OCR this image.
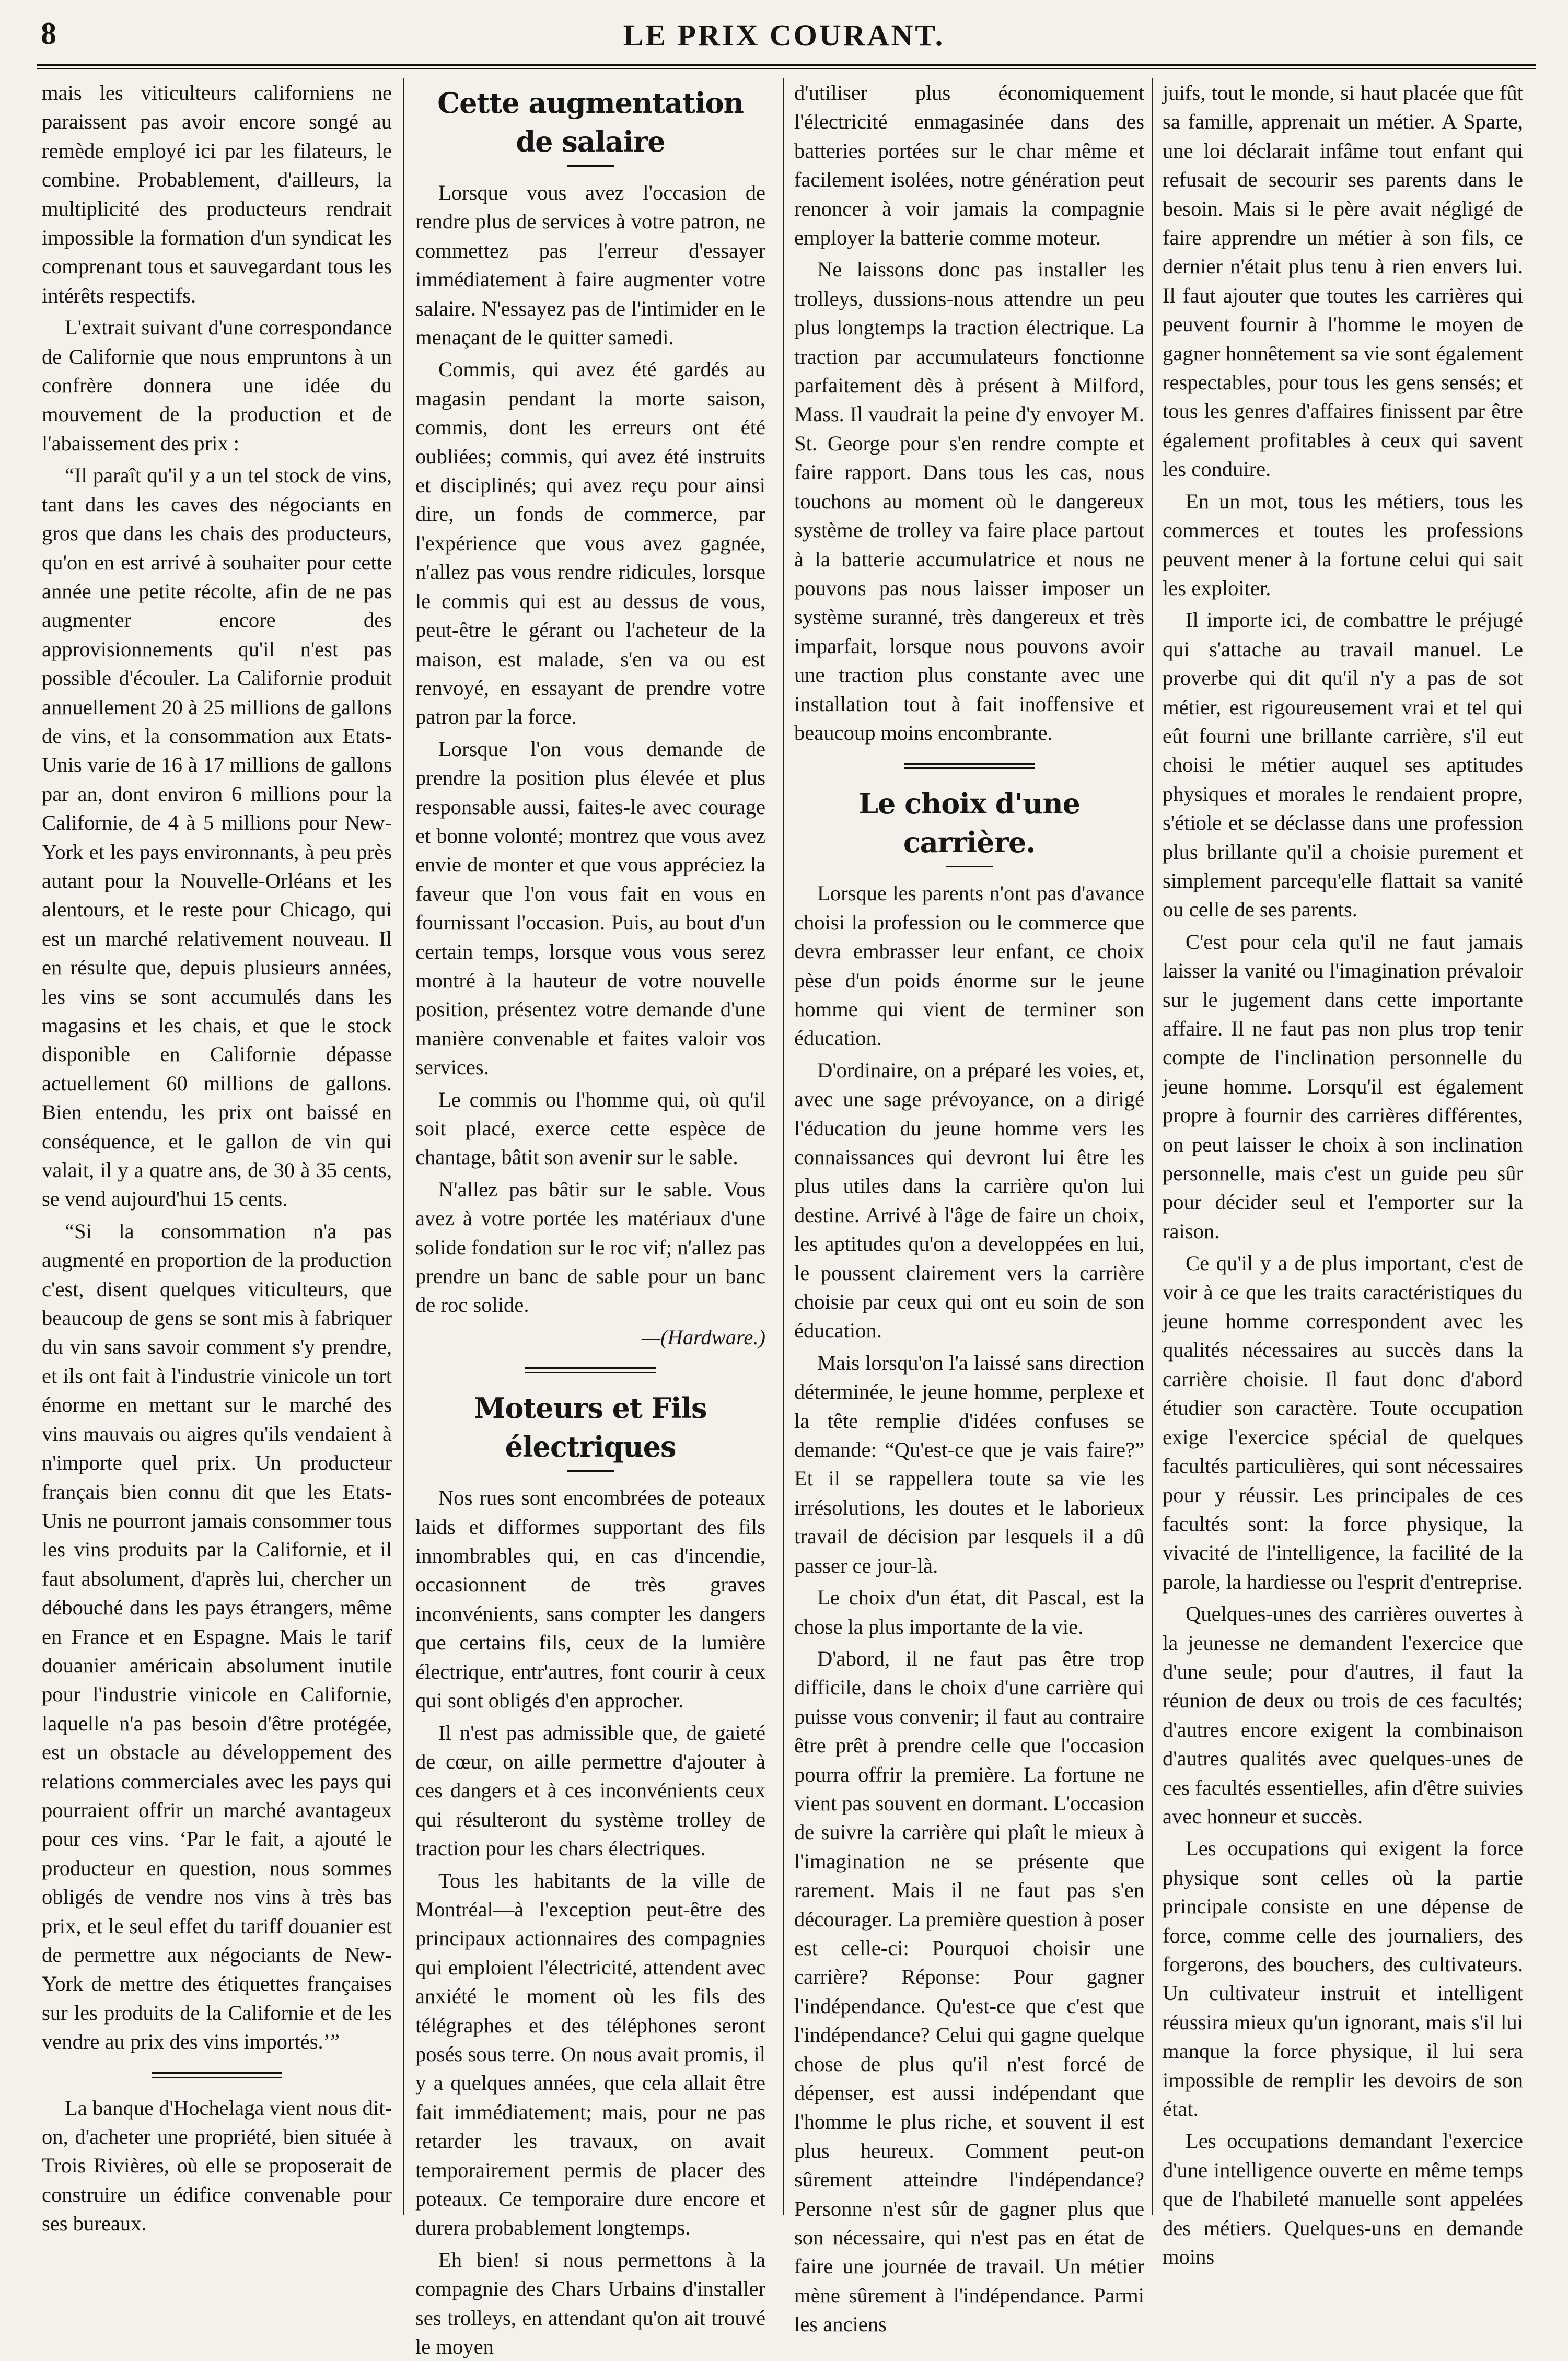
8	LE PRIX COURANT.

mais les viticulteurs californiens ne paraissent pas avoir encore songé au remède employé ici par les filateurs, le combine. Probablement, d'ailleurs, la multiplicité des producteurs rendrait impossible la formation d'un syndicat les comprenant tous et sauvegardant tous les intérêts respectifs.

L'extrait suivant d'une correspondance de Californie que nous empruntons à un confrère donnera une idée du mouvement de la production et de l'abaissement des prix :

“Il paraît qu'il y a un tel stock de vins, tant dans les caves des négociants en gros que dans les chais des producteurs, qu'on en est arrivé à souhaiter pour cette année une petite récolte, afin de ne pas augmenter encore des approvisionnements qu'il n'est pas possible d'écouler. La Californie produit annuellement 20 à 25 millions de gallons de vins, et la consommation aux Etats-Unis varie de 16 à 17 millions de gallons par an, dont environ 6 millions pour la Californie, de 4 à 5 millions pour New-York et les pays environnants, à peu près autant pour la Nouvelle-Orléans et les alentours, et le reste pour Chicago, qui est un marché relativement nouveau. Il en résulte que, depuis plusieurs années, les vins se sont accumulés dans les magasins et les chais, et que le stock disponible en Californie dépasse actuellement 60 millions de gallons. Bien entendu, les prix ont baissé en conséquence, et le gallon de vin qui valait, il y a quatre ans, de 30 à 35 cents, se vend aujourd'hui 15 cents.

“Si la consommation n'a pas augmenté en proportion de la production c'est, disent quelques viticulteurs, que beaucoup de gens se sont mis à fabriquer du vin sans savoir comment s'y prendre, et ils ont fait à l'industrie vinicole un tort énorme en mettant sur le marché des vins mauvais ou aigres qu'ils vendaient à n'importe quel prix. Un producteur français bien connu dit que les Etats-Unis ne pourront jamais consommer tous les vins produits par la Californie, et il faut absolument, d'après lui, chercher un débouché dans les pays étrangers, même en France et en Espagne. Mais le tarif douanier américain absolument inutile pour l'industrie vinicole en Californie, laquelle n'a pas besoin d'être protégée, est un obstacle au développement des relations commerciales avec les pays qui pourraient offrir un marché avantageux pour ces vins. ‘Par le fait, a ajouté le producteur en question, nous sommes obligés de vendre nos vins à très bas prix, et le seul effet du tariff douanier est de permettre aux négociants de New-York de mettre des étiquettes françaises sur les produits de la Californie et de les vendre au prix des vins importés.’”

La banque d'Hochelaga vient nous dit-on, d'acheter une propriété, bien située à Trois Rivières, où elle se proposerait de construire un édifice convenable pour ses bureaux.

Cette augmentation de salaire

Lorsque vous avez l'occasion de rendre plus de services à votre patron, ne commettez pas l'erreur d'essayer immédiatement à faire augmenter votre salaire. N'essayez pas de l'intimider en le menaçant de le quitter samedi.

Commis, qui avez été gardés au magasin pendant la morte saison, commis, dont les erreurs ont été oubliées; commis, qui avez été instruits et disciplinés; qui avez reçu pour ainsi dire, un fonds de commerce, par l'expérience que vous avez gagnée, n'allez pas vous rendre ridicules, lorsque le commis qui est au dessus de vous, peut-être le gérant ou l'acheteur de la maison, est malade, s'en va ou est renvoyé, en essayant de prendre votre patron par la force.

Lorsque l'on vous demande de prendre la position plus élevée et plus responsable aussi, faites-le avec courage et bonne volonté; montrez que vous avez envie de monter et que vous appréciez la faveur que l'on vous fait en vous en fournissant l'occasion. Puis, au bout d'un certain temps, lorsque vous vous serez montré à la hauteur de votre nouvelle position, présentez votre demande d'une manière convenable et faites valoir vos services.

Le commis ou l'homme qui, où qu'il soit placé, exerce cette espèce de chantage, bâtit son avenir sur le sable.

N'allez pas bâtir sur le sable. Vous avez à votre portée les matériaux d'une solide fondation sur le roc vif; n'allez pas prendre un banc de sable pour un banc de roc solide.

—(Hardware.)
Moteurs et Fils électriques

Nos rues sont encombrées de poteaux laids et difformes supportant des fils innombrables qui, en cas d'incendie, occasionnent de très graves inconvénients, sans compter les dangers que certains fils, ceux de la lumière électrique, entr'autres, font courir à ceux qui sont obligés d'en approcher.

Il n'est pas admissible que, de gaieté de cœur, on aille permettre d'ajouter à ces dangers et à ces inconvénients ceux qui résulteront du système trolley de traction pour les chars électriques.

Tous les habitants de la ville de Montréal—à l'exception peut-être des principaux actionnaires des compagnies qui emploient l'électricité, attendent avec anxiété le moment où les fils des télégraphes et des téléphones seront posés sous terre. On nous avait promis, il y a quelques années, que cela allait être fait immédiatement; mais, pour ne pas retarder les travaux, on avait temporairement permis de placer des poteaux. Ce temporaire dure encore et durera probablement longtemps.

Eh bien! si nous permettons à la compagnie des Chars Urbains d'installer ses trolleys, en attendant qu'on ait trouvé le moyen

d'utiliser plus économiquement l'électricité enmagasinée dans des batteries portées sur le char même et facilement isolées, notre génération peut renoncer à voir jamais la compagnie employer la batterie comme moteur.

Ne laissons donc pas installer les trolleys, dussions-nous attendre un peu plus longtemps la traction électrique. La traction par accumulateurs fonctionne parfaitement dès à présent à Milford, Mass. Il vaudrait la peine d'y envoyer M. St. George pour s'en rendre compte et faire rapport. Dans tous les cas, nous touchons au moment où le dangereux système de trolley va faire place partout à la batterie accumulatrice et nous ne pouvons pas nous laisser imposer un système suranné, très dangereux et très imparfait, lorsque nous pouvons avoir une traction plus constante avec une installation tout à fait inoffensive et beaucoup moins encombrante.

Le choix d'une carrière.

Lorsque les parents n'ont pas d'avance choisi la profession ou le commerce que devra embrasser leur enfant, ce choix pèse d'un poids énorme sur le jeune homme qui vient de terminer son éducation.

D'ordinaire, on a préparé les voies, et, avec une sage prévoyance, on a dirigé l'éducation du jeune homme vers les connaissances qui devront lui être les plus utiles dans la carrière qu'on lui destine. Arrivé à l'âge de faire un choix, les aptitudes qu'on a developpées en lui, le poussent clairement vers la carrière choisie par ceux qui ont eu soin de son éducation.

Mais lorsqu'on l'a laissé sans direction déterminée, le jeune homme, perplexe et la tête remplie d'idées confuses se demande: “Qu'est-ce que je vais faire?” Et il se rappellera toute sa vie les irrésolutions, les doutes et le laborieux travail de décision par lesquels il a dû passer ce jour-là.

Le choix d'un état, dit Pascal, est la chose la plus importante de la vie.

D'abord, il ne faut pas être trop difficile, dans le choix d'une carrière qui puisse vous convenir; il faut au contraire être prêt à prendre celle que l'occasion pourra offrir la première. La fortune ne vient pas souvent en dormant. L'occasion de suivre la carrière qui plaît le mieux à l'imagination ne se présente que rarement. Mais il ne faut pas s'en décourager. La première question à poser est celle-ci: Pourquoi choisir une carrière? Réponse: Pour gagner l'indépendance. Qu'est-ce que c'est que l'indépendance? Celui qui gagne quelque chose de plus qu'il n'est forcé de dépenser, est aussi indépendant que l'homme le plus riche, et souvent il est plus heureux. Comment peut-on sûrement atteindre l'indépendance? Personne n'est sûr de gagner plus que son nécessaire, qui n'est pas en état de faire une journée de travail. Un métier mène sûrement à l'indépendance. Parmi les anciens

juifs, tout le monde, si haut placée que fût sa famille, apprenait un métier. A Sparte, une loi déclarait infâme tout enfant qui refusait de secourir ses parents dans le besoin. Mais si le père avait négligé de faire apprendre un métier à son fils, ce dernier n'était plus tenu à rien envers lui. Il faut ajouter que toutes les carrières qui peuvent fournir à l'homme le moyen de gagner honnêtement sa vie sont également respectables, pour tous les gens sensés; et tous les genres d'affaires finissent par être également profitables à ceux qui savent les conduire.

En un mot, tous les métiers, tous les commerces et toutes les professions peuvent mener à la fortune celui qui sait les exploiter.

Il importe ici, de combattre le préjugé qui s'attache au travail manuel. Le proverbe qui dit qu'il n'y a pas de sot métier, est rigoureusement vrai et tel qui eût fourni une brillante carrière, s'il eut choisi le métier auquel ses aptitudes physiques et morales le rendaient propre, s'étiole et se déclasse dans une profession plus brillante qu'il a choisie purement et simplement parcequ'elle flattait sa vanité ou celle de ses parents.

C'est pour cela qu'il ne faut jamais laisser la vanité ou l'imagination prévaloir sur le jugement dans cette importante affaire. Il ne faut pas non plus trop tenir compte de l'inclination personnelle du jeune homme. Lorsqu'il est également propre à fournir des carrières différentes, on peut laisser le choix à son inclination personnelle, mais c'est un guide peu sûr pour décider seul et l'emporter sur la raison.

Ce qu'il y a de plus important, c'est de voir à ce que les traits caractéristiques du jeune homme correspondent avec les qualités nécessaires au succès dans la carrière choisie. Il faut donc d'abord étudier son caractère. Toute occupation exige l'exercice spécial de quelques facultés particulières, qui sont nécessaires pour y réussir. Les principales de ces facultés sont: la force physique, la vivacité de l'intelligence, la facilité de la parole, la hardiesse ou l'esprit d'entreprise.

Quelques-unes des carrières ouvertes à la jeunesse ne demandent l'exercice que d'une seule; pour d'autres, il faut la réunion de deux ou trois de ces facultés; d'autres encore exigent la combinaison d'autres qualités avec quelques-unes de ces facultés essentielles, afin d'être suivies avec honneur et succès.

Les occupations qui exigent la force physique sont celles où la partie principale consiste en une dépense de force, comme celle des journaliers, des forgerons, des bouchers, des cultivateurs. Un cultivateur instruit et intelligent réussira mieux qu'un ignorant, mais s'il lui manque la force physique, il lui sera impossible de remplir les devoirs de son état.

Les occupations demandant l'exercice d'une intelligence ouverte en même temps que de l'habileté manuelle sont appelées des métiers. Quelques-uns en demande moins
